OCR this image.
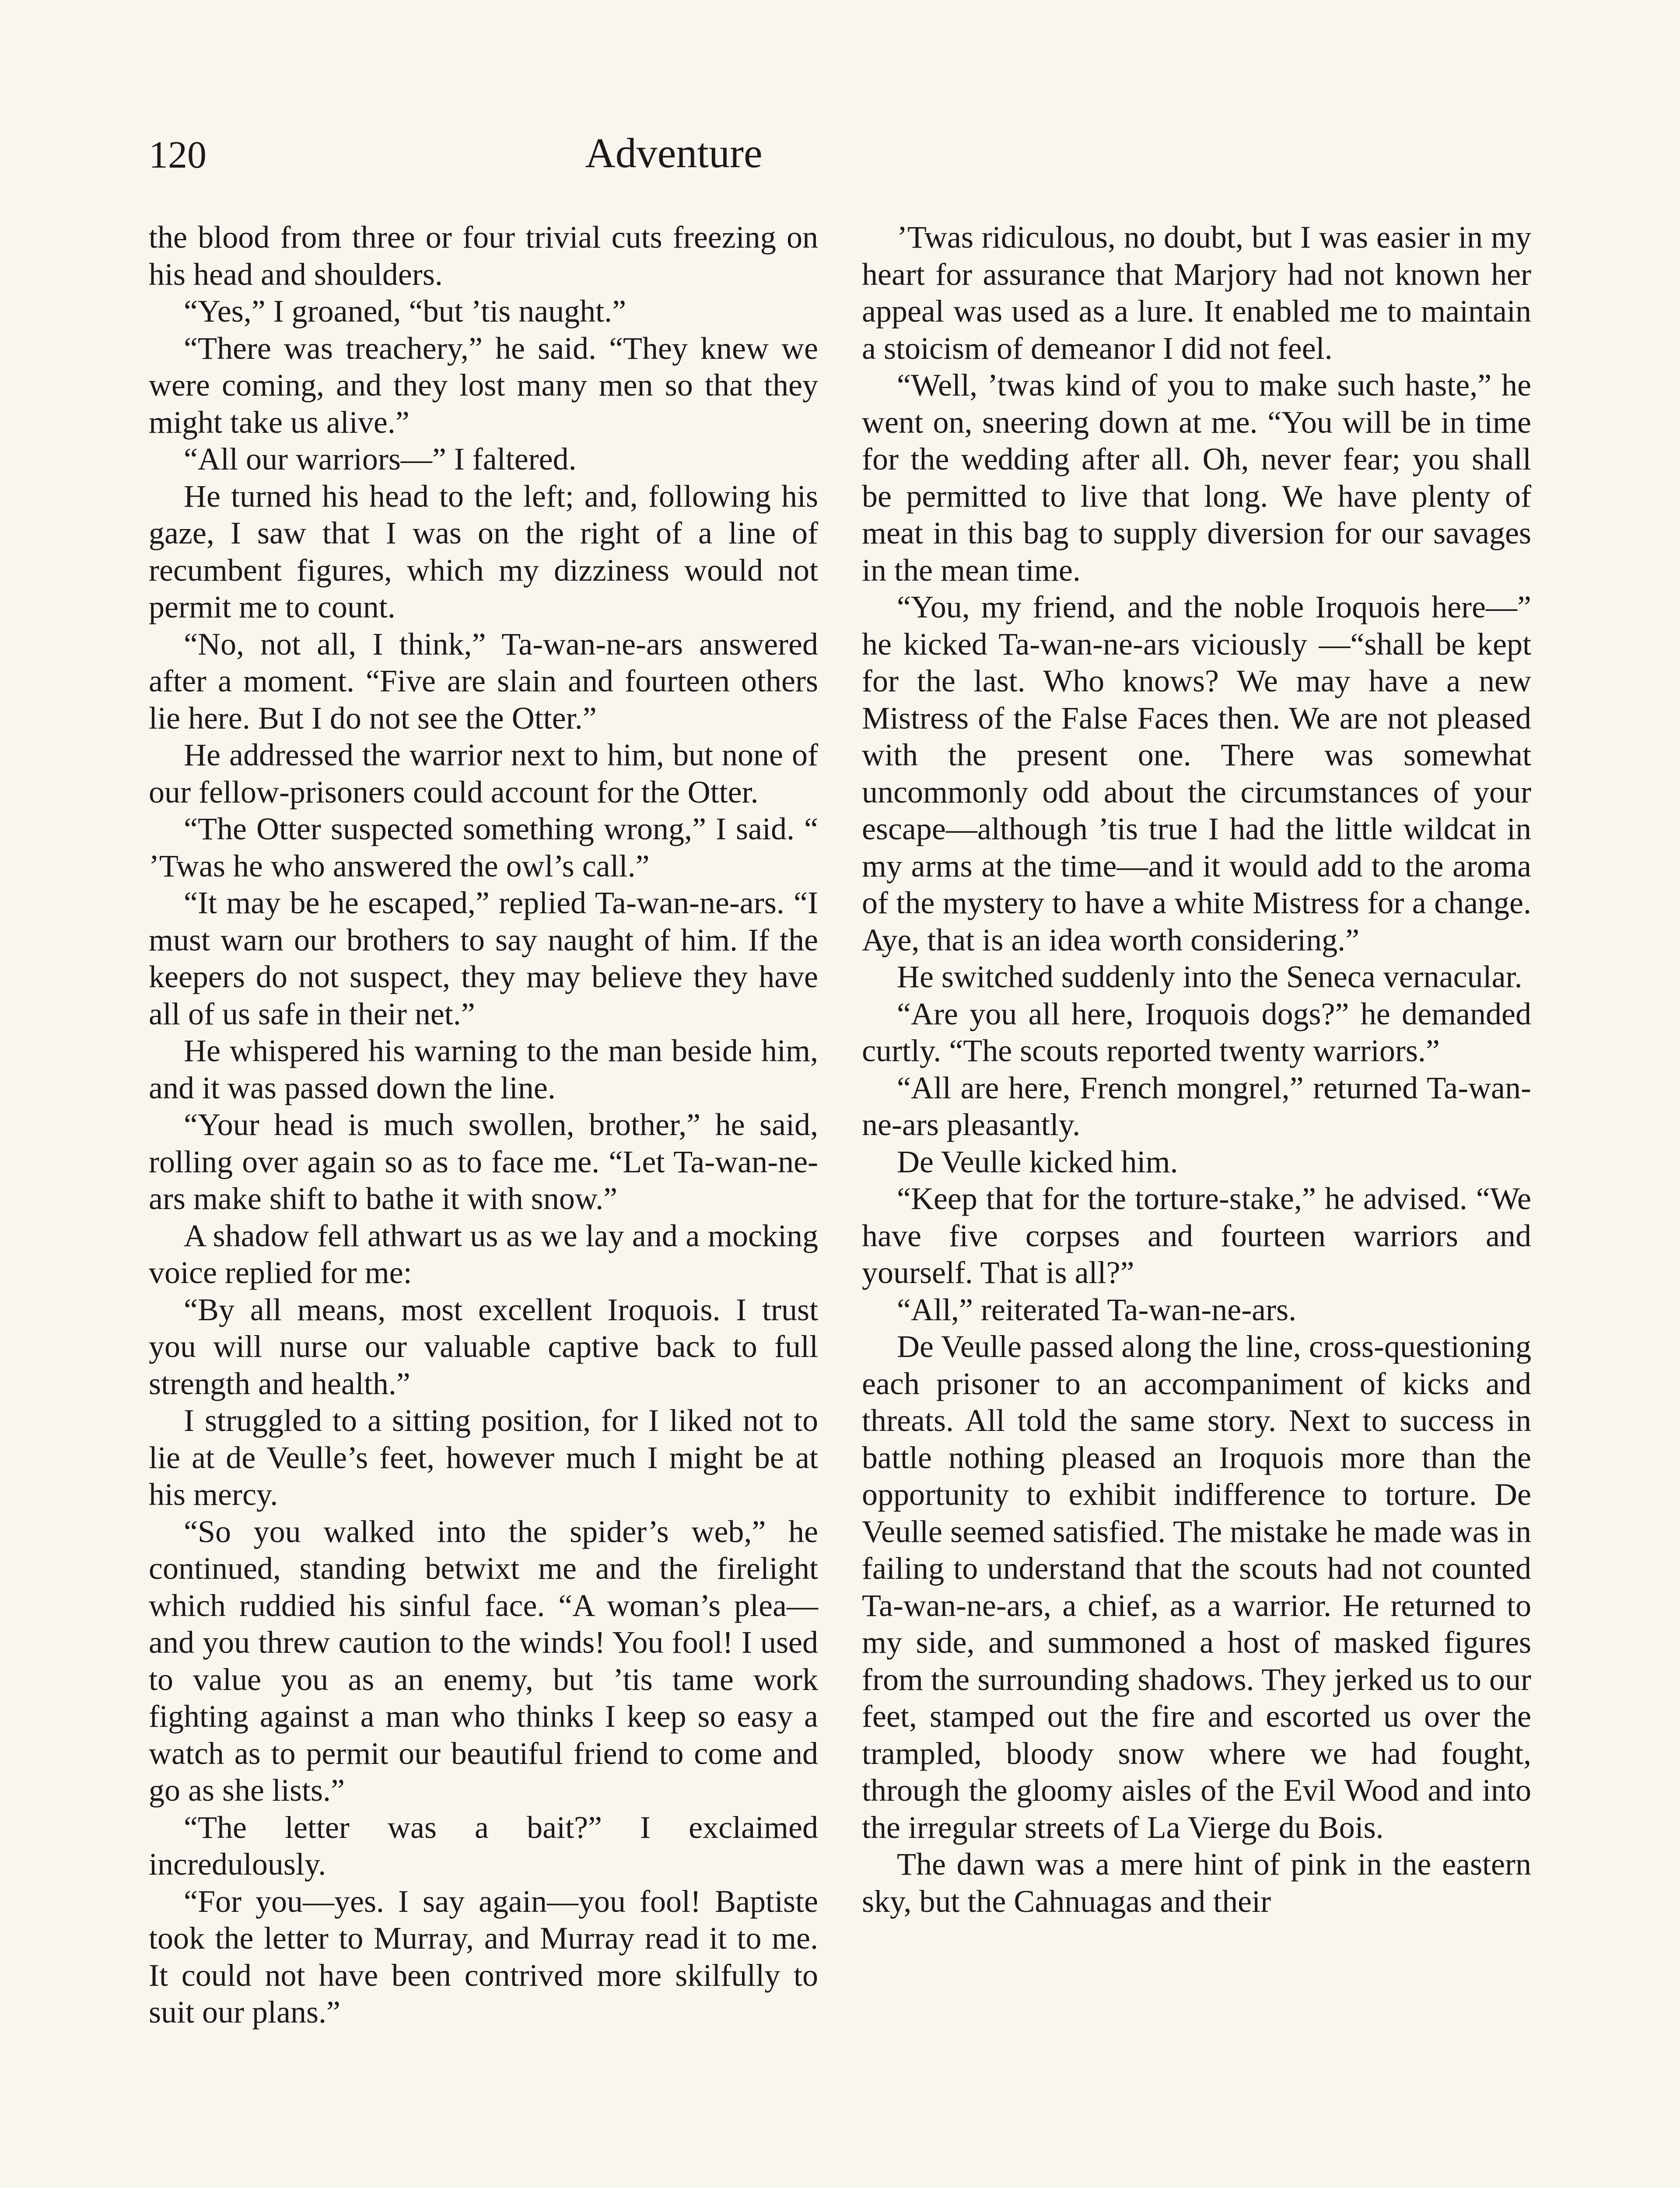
120	Adventure

the blood from three or four trivial cuts freezing on his head and shoulders.

“Yes,” I groaned, “but ’tis naught.”

“There was treachery,” he said. “They knew we were coming, and they lost many men so that they might take us alive.”

“All our warriors—” I faltered.

He turned his head to the left; and, following his gaze, I saw that I was on the right of a line of recumbent figures, which my dizziness would not permit me to count.

“No, not all, I think,” Ta-wan-ne-ars answered after a moment. “Five are slain and fourteen others lie here. But I do not see the Otter.”

He addressed the warrior next to him, but none of our fellow-prisoners could account for the Otter.

“The Otter suspected something wrong,” I said. “ ’Twas he who answered the owl’s call.”

“It may be he escaped,” replied Ta-wan-ne-ars. “I must warn our brothers to say naught of him. If the keepers do not suspect, they may believe they have all of us safe in their net.”

He whispered his warning to the man beside him, and it was passed down the line.

“Your head is much swollen, brother,” he said, rolling over again so as to face me. “Let Ta-wan-ne-ars make shift to bathe it with snow.”

A shadow fell athwart us as we lay and a mocking voice replied for me:

“By all means, most excellent Iroquois. I trust you will nurse our valuable captive back to full strength and health.”

I struggled to a sitting position, for I liked not to lie at de Veulle’s feet, however much I might be at his mercy.

“So you walked into the spider’s web,” he continued, standing betwixt me and the firelight which ruddied his sinful face. “A woman’s plea—and you threw caution to the winds! You fool! I used to value you as an enemy, but ’tis tame work fighting against a man who thinks I keep so easy a watch as to permit our beautiful friend to come and go as she lists.”

“The letter was a bait?” I exclaimed incredulously.

“For you—yes. I say again—you fool! Baptiste took the letter to Murray, and Murray read it to me. It could not have been contrived more skilfully to suit our plans.”

’Twas ridiculous, no doubt, but I was easier in my heart for assurance that Marjory had not known her appeal was used as a lure. It enabled me to maintain a stoicism of demeanor I did not feel.

“Well, ’twas kind of you to make such haste,” he went on, sneering down at me. “You will be in time for the wedding after all. Oh, never fear; you shall be permitted to live that long. We have plenty of meat in this bag to supply diversion for our savages in the mean time.

“You, my friend, and the noble Iroquois here—” he kicked Ta-wan-ne-ars viciously —“shall be kept for the last. Who knows? We may have a new Mistress of the False Faces then. We are not pleased with the present one. There was somewhat uncommonly odd about the circumstances of your escape—although ’tis true I had the little wildcat in my arms at the time—and it would add to the aroma of the mystery to have a white Mistress for a change. Aye, that is an idea worth considering.”

He switched suddenly into the Seneca vernacular.

“Are you all here, Iroquois dogs?” he demanded curtly. “The scouts reported twenty warriors.”

“All are here, French mongrel,” returned Ta-wan-ne-ars pleasantly.

De Veulle kicked him.

“Keep that for the torture-stake,” he advised. “We have five corpses and fourteen warriors and yourself. That is all?”

“All,” reiterated Ta-wan-ne-ars.

De Veulle passed along the line, cross-questioning each prisoner to an accompaniment of kicks and threats. All told the same story. Next to success in battle nothing pleased an Iroquois more than the opportunity to exhibit indifference to torture. De Veulle seemed satisfied. The mistake he made was in failing to understand that the scouts had not counted Ta-wan-ne-ars, a chief, as a warrior. He returned to my side, and summoned a host of masked figures from the surrounding shadows. They jerked us to our feet, stamped out the fire and escorted us over the trampled, bloody snow where we had fought, through the gloomy aisles of the Evil Wood and into the irregular streets of La Vierge du Bois.

The dawn was a mere hint of pink in the eastern sky, but the Cahnuagas and their
